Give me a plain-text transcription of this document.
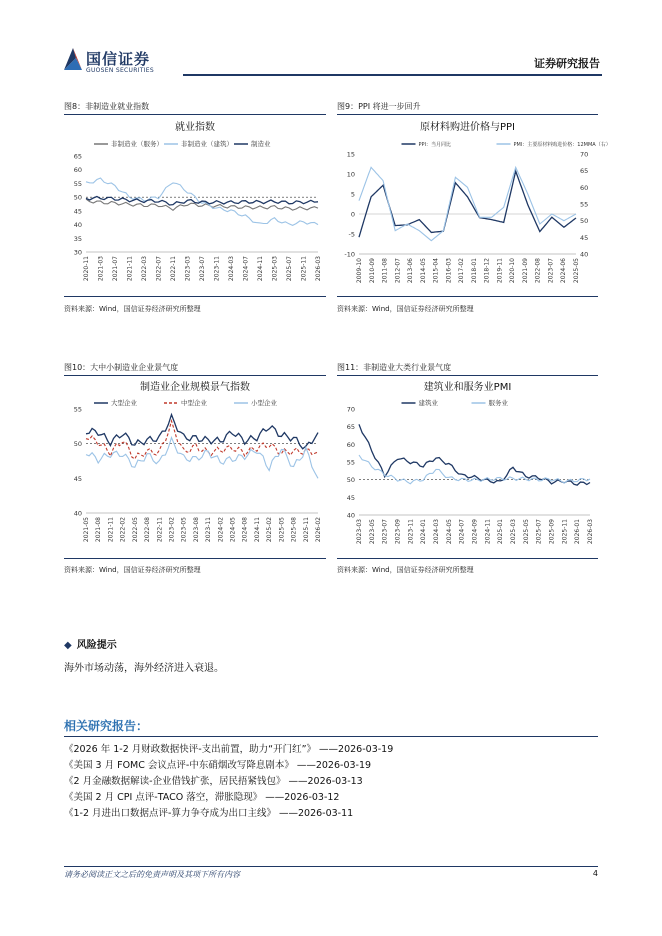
国信证券
GUOSEN SECURITIES
证券研究报告
图8：非制造业就业指数	图9：PPI 将进一步回升
图10：大中小制造业企业景气度	图11：非制造业大类行业景气度
就业指数
非制造业（服务）	非制造业（建筑）	制造业
30
35
40
45
50
55
60
65
2020-11 2021-03 2021-07 2021-11 2022-03 2022-07 2022-11 2023-03 2023-07 2023-11 2024-03 2024-07 2024-11 2025-03 2025-07 2025-11 2026-03
原材料购进价格与PPI
PPI：当月同比	PMI：主要原材料购进价格：12MMA（右）
-10
-5
0
5
10
15
40
45
50
55
60
65
70
2009-10 2010-09 2011-08 2012-07 2013-06 2014-05 2015-04 2016-03 2017-02 2018-01 2018-12 2019-11 2020-10 2021-09 2022-08 2023-07 2024-06 2025-05
制造业企业规模景气指数
大型企业	中型企业	小型企业
40
45
50
55
2021-05 2021-08 2021-11 2022-02 2022-05 2022-08 2022-11 2023-02 2023-05 2023-08 2023-11 2024-02 2024-05 2024-08 2024-11 2025-02 2025-05 2025-08 2025-11 2026-02
建筑业和服务业PMI
建筑业	服务业
40
45
50
55
60
65
70
2023-03 2023-05 2023-07 2023-09 2023-11 2024-01 2024-03 2024-05 2024-07 2024-09 2024-11 2025-01 2025-03 2025-05 2025-07 2025-09 2025-11 2026-01 2026-03
资料来源：Wind，国信证券经济研究所整理	资料来源：Wind，国信证券经济研究所整理
资料来源：Wind，国信证券经济研究所整理	资料来源：Wind，国信证券经济研究所整理
◆ 风险提示
海外市场动荡，海外经济进入衰退。
相关研究报告：
《2026 年 1-2 月财政数据快评-支出前置，助力“开门红”》 ——2026-03-19
《美国 3 月 FOMC 会议点评-中东硝烟改写降息剧本》 ——2026-03-19
《2 月金融数据解读-企业借钱扩张，居民捂紧钱包》 ——2026-03-13
《美国 2 月 CPI 点评-TACO 落空，滞胀隐现》 ——2026-03-12
《1-2 月进出口数据点评-算力争夺成为出口主线》 ——2026-03-11
请务必阅读正文之后的免责声明及其项下所有内容	4
